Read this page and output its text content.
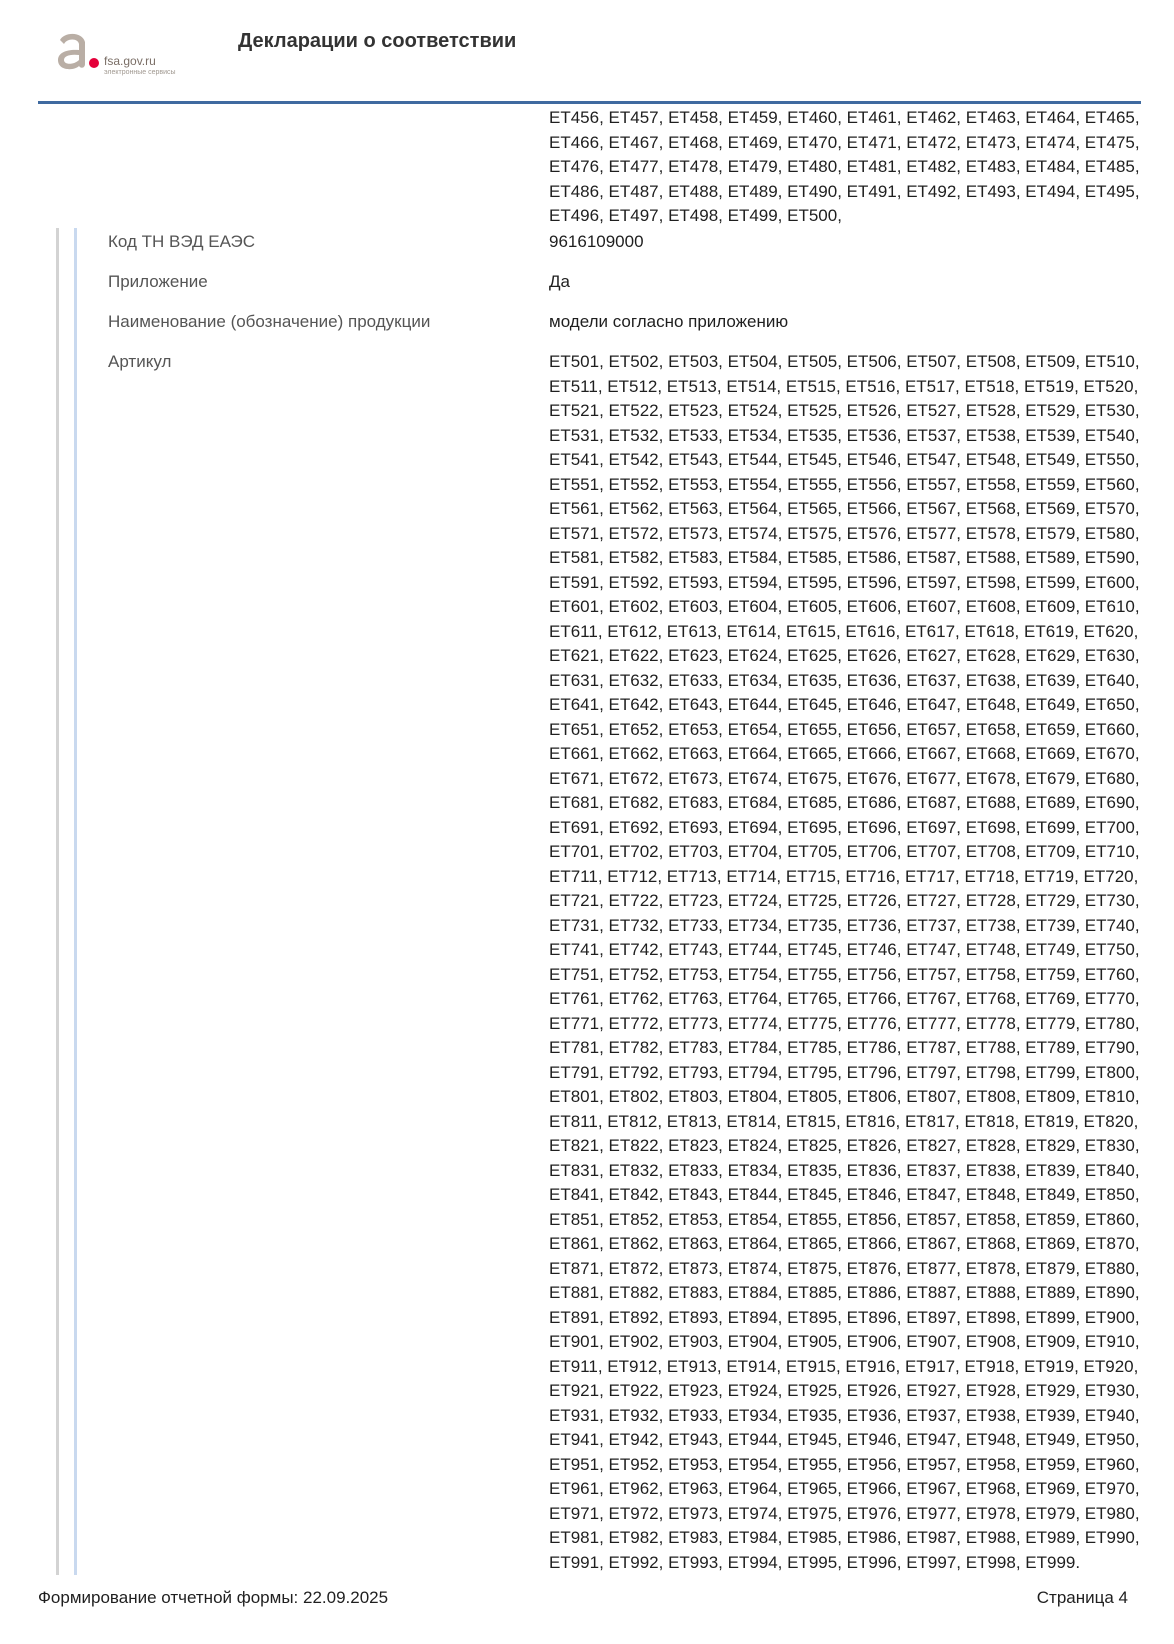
fsa.gov.ru
электронные сервисы
Декларации о соответствии
ET456, ET457, ET458, ET459, ET460, ET461, ET462, ET463, ET464, ET465, ET466, ET467, ET468, ET469, ET470, ET471, ET472, ET473, ET474, ET475, ET476, ET477, ET478, ET479, ET480, ET481, ET482, ET483, ET484, ET485, ET486, ET487, ET488, ET489, ET490, ET491, ET492, ET493, ET494, ET495, ET496, ET497, ET498, ET499, ET500,
Код ТН ВЭД ЕАЭС	9616109000
Приложение	Да
Наименование (обозначение) продукции	модели согласно приложению
Артикул	ET501, ET502, ET503, ET504, ET505, ET506, ET507, ET508, ET509, ET510, ET511, ET512, ET513, ET514, ET515, ET516, ET517, ET518, ET519, ET520, ET521, ET522, ET523, ET524, ET525, ET526, ET527, ET528, ET529, ET530, ET531, ET532, ET533, ET534, ET535, ET536, ET537, ET538, ET539, ET540, ET541, ET542, ET543, ET544, ET545, ET546, ET547, ET548, ET549, ET550, ET551, ET552, ET553, ET554, ET555, ET556, ET557, ET558, ET559, ET560, ET561, ET562, ET563, ET564, ET565, ET566, ET567, ET568, ET569, ET570, ET571, ET572, ET573, ET574, ET575, ET576, ET577, ET578, ET579, ET580, ET581, ET582, ET583, ET584, ET585, ET586, ET587, ET588, ET589, ET590, ET591, ET592, ET593, ET594, ET595, ET596, ET597, ET598, ET599, ET600, ET601, ET602, ET603, ET604, ET605, ET606, ET607, ET608, ET609, ET610, ET611, ET612, ET613, ET614, ET615, ET616, ET617, ET618, ET619, ET620, ET621, ET622, ET623, ET624, ET625, ET626, ET627, ET628, ET629, ET630, ET631, ET632, ET633, ET634, ET635, ET636, ET637, ET638, ET639, ET640, ET641, ET642, ET643, ET644, ET645, ET646, ET647, ET648, ET649, ET650, ET651, ET652, ET653, ET654, ET655, ET656, ET657, ET658, ET659, ET660, ET661, ET662, ET663, ET664, ET665, ET666, ET667, ET668, ET669, ET670, ET671, ET672, ET673, ET674, ET675, ET676, ET677, ET678, ET679, ET680, ET681, ET682, ET683, ET684, ET685, ET686, ET687, ET688, ET689, ET690, ET691, ET692, ET693, ET694, ET695, ET696, ET697, ET698, ET699, ET700, ET701, ET702, ET703, ET704, ET705, ET706, ET707, ET708, ET709, ET710, ET711, ET712, ET713, ET714, ET715, ET716, ET717, ET718, ET719, ET720, ET721, ET722, ET723, ET724, ET725, ET726, ET727, ET728, ET729, ET730, ET731, ET732, ET733, ET734, ET735, ET736, ET737, ET738, ET739, ET740, ET741, ET742, ET743, ET744, ET745, ET746, ET747, ET748, ET749, ET750, ET751, ET752, ET753, ET754, ET755, ET756, ET757, ET758, ET759, ET760, ET761, ET762, ET763, ET764, ET765, ET766, ET767, ET768, ET769, ET770, ET771, ET772, ET773, ET774, ET775, ET776, ET777, ET778, ET779, ET780, ET781, ET782, ET783, ET784, ET785, ET786, ET787, ET788, ET789, ET790, ET791, ET792, ET793, ET794, ET795, ET796, ET797, ET798, ET799, ET800, ET801, ET802, ET803, ET804, ET805, ET806, ET807, ET808, ET809, ET810, ET811, ET812, ET813, ET814, ET815, ET816, ET817, ET818, ET819, ET820, ET821, ET822, ET823, ET824, ET825, ET826, ET827, ET828, ET829, ET830, ET831, ET832, ET833, ET834, ET835, ET836, ET837, ET838, ET839, ET840, ET841, ET842, ET843, ET844, ET845, ET846, ET847, ET848, ET849, ET850, ET851, ET852, ET853, ET854, ET855, ET856, ET857, ET858, ET859, ET860, ET861, ET862, ET863, ET864, ET865, ET866, ET867, ET868, ET869, ET870, ET871, ET872, ET873, ET874, ET875, ET876, ET877, ET878, ET879, ET880, ET881, ET882, ET883, ET884, ET885, ET886, ET887, ET888, ET889, ET890, ET891, ET892, ET893, ET894, ET895, ET896, ET897, ET898, ET899, ET900, ET901, ET902, ET903, ET904, ET905, ET906, ET907, ET908, ET909, ET910, ET911, ET912, ET913, ET914, ET915, ET916, ET917, ET918, ET919, ET920, ET921, ET922, ET923, ET924, ET925, ET926, ET927, ET928, ET929, ET930, ET931, ET932, ET933, ET934, ET935, ET936, ET937, ET938, ET939, ET940, ET941, ET942, ET943, ET944, ET945, ET946, ET947, ET948, ET949, ET950, ET951, ET952, ET953, ET954, ET955, ET956, ET957, ET958, ET959, ET960, ET961, ET962, ET963, ET964, ET965, ET966, ET967, ET968, ET969, ET970, ET971, ET972, ET973, ET974, ET975, ET976, ET977, ET978, ET979, ET980, ET981, ET982, ET983, ET984, ET985, ET986, ET987, ET988, ET989, ET990, ET991, ET992, ET993, ET994, ET995, ET996, ET997, ET998, ET999.
Формирование отчетной формы: 22.09.2025	Страница 4
